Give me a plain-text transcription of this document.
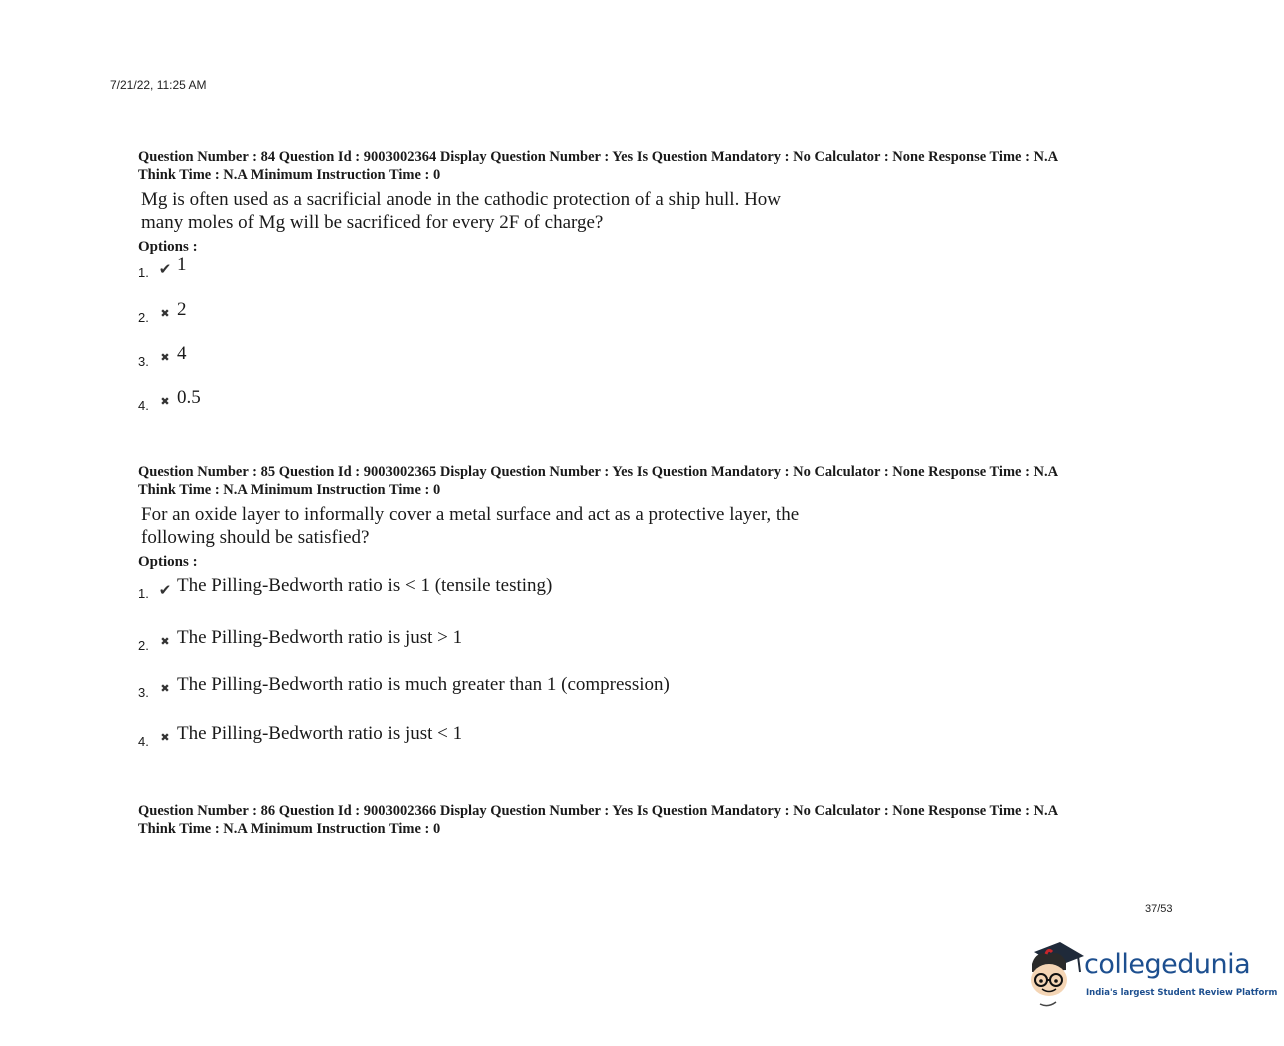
7/21/22, 11:25 AM

Question Number : 84 Question Id : 9003002364 Display Question Number : Yes Is Question Mandatory : No Calculator : None Response Time : N.A

Think Time : N.A Minimum Instruction Time : 0

Mg is often used as a sacrificial anode in the cathodic protection of a ship hull. How
many moles of Mg will be sacrificed for every 2F of charge?
Options :
1. ✔ 1
2.	✖ 2
3.	✖ 4
4.	✖ 0.5

Question Number : 85 Question Id : 9003002365 Display Question Number : Yes Is Question Mandatory : No Calculator : None Response Time : N.A

Think Time : N.A Minimum Instruction Time : 0

For an oxide layer to informally cover a metal surface and act as a protective layer, the
following should be satisfied?
Options :
1. ✔ The Pilling-Bedworth ratio is < 1 (tensile testing)
2.	✖ The Pilling-Bedworth ratio is just > 1
3.	✖ The Pilling-Bedworth ratio is much greater than 1 (compression)
4.	✖ The Pilling-Bedworth ratio is just < 1

Question Number : 86 Question Id : 9003002366 Display Question Number : Yes Is Question Mandatory : No Calculator : None Response Time : N.A

Think Time : N.A Minimum Instruction Time : 0

37/53
collegedunia
India's largest Student Review Platform
